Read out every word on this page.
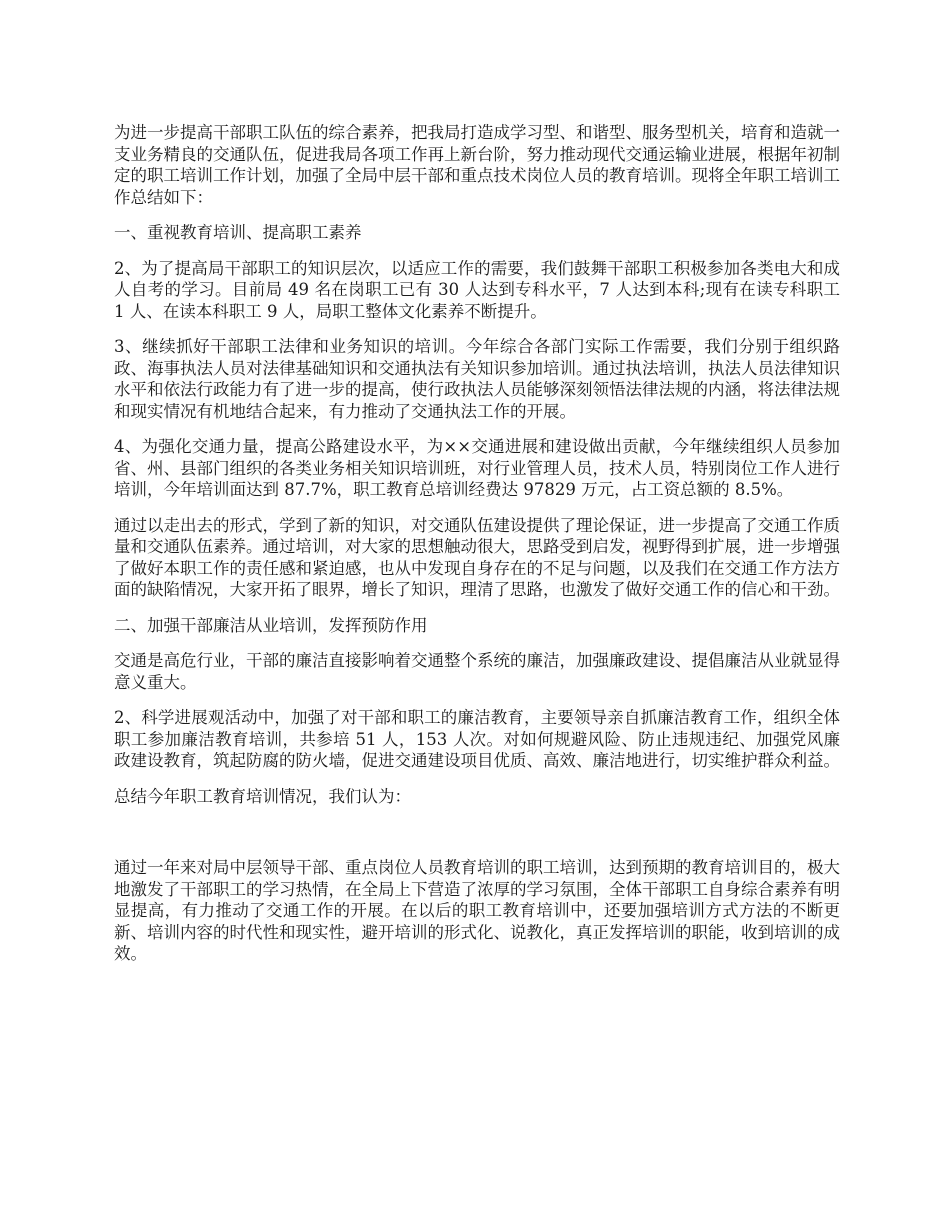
为进一步提高干部职工队伍的综合素养，把我局打造成学习型、和谐型、服务型机关，培育和造就一支业务精良的交通队伍，促进我局各项工作再上新台阶，努力推动现代交通运输业进展，根据年初制定的职工培训工作计划，加强了全局中层干部和重点技术岗位人员的教育培训。现将全年职工培训工作总结如下：

一、重视教育培训、提高职工素养

2、为了提高局干部职工的知识层次，以适应工作的需要，我们鼓舞干部职工积极参加各类电大和成人自考的学习。目前局 49 名在岗职工已有 30 人达到专科水平，7 人达到本科;现有在读专科职工 1 人、在读本科职工 9 人，局职工整体文化素养不断提升。

3、继续抓好干部职工法律和业务知识的培训。今年综合各部门实际工作需要，我们分别于组织路政、海事执法人员对法律基础知识和交通执法有关知识参加培训。通过执法培训，执法人员法律知识水平和依法行政能力有了进一步的提高，使行政执法人员能够深刻领悟法律法规的内涵，将法律法规和现实情况有机地结合起来，有力推动了交通执法工作的开展。

4、为强化交通力量，提高公路建设水平，为××交通进展和建设做出贡献，今年继续组织人员参加省、州、县部门组织的各类业务相关知识培训班，对行业管理人员，技术人员，特别岗位工作人进行培训，今年培训面达到 87.7%，职工教育总培训经费达 97829 万元，占工资总额的 8.5%。

通过以走出去的形式，学到了新的知识，对交通队伍建设提供了理论保证，进一步提高了交通工作质量和交通队伍素养。通过培训，对大家的思想触动很大，思路受到启发，视野得到扩展，进一步增强了做好本职工作的责任感和紧迫感，也从中发现自身存在的不足与问题，以及我们在交通工作方法方面的缺陷情况，大家开拓了眼界，增长了知识，理清了思路，也激发了做好交通工作的信心和干劲。

二、加强干部廉洁从业培训，发挥预防作用

交通是高危行业，干部的廉洁直接影响着交通整个系统的廉洁，加强廉政建设、提倡廉洁从业就显得意义重大。

2、科学进展观活动中，加强了对干部和职工的廉洁教育，主要领导亲自抓廉洁教育工作，组织全体职工参加廉洁教育培训，共参培 51 人，153 人次。对如何规避风险、防止违规违纪、加强党风廉政建设教育，筑起防腐的防火墙，促进交通建设项目优质、高效、廉洁地进行，切实维护群众利益。

总结今年职工教育培训情况，我们认为：

通过一年来对局中层领导干部、重点岗位人员教育培训的职工培训，达到预期的教育培训目的，极大地激发了干部职工的学习热情，在全局上下营造了浓厚的学习氛围，全体干部职工自身综合素养有明显提高，有力推动了交通工作的开展。在以后的职工教育培训中，还要加强培训方式方法的不断更新、培训内容的时代性和现实性，避开培训的形式化、说教化，真正发挥培训的职能，收到培训的成效。
